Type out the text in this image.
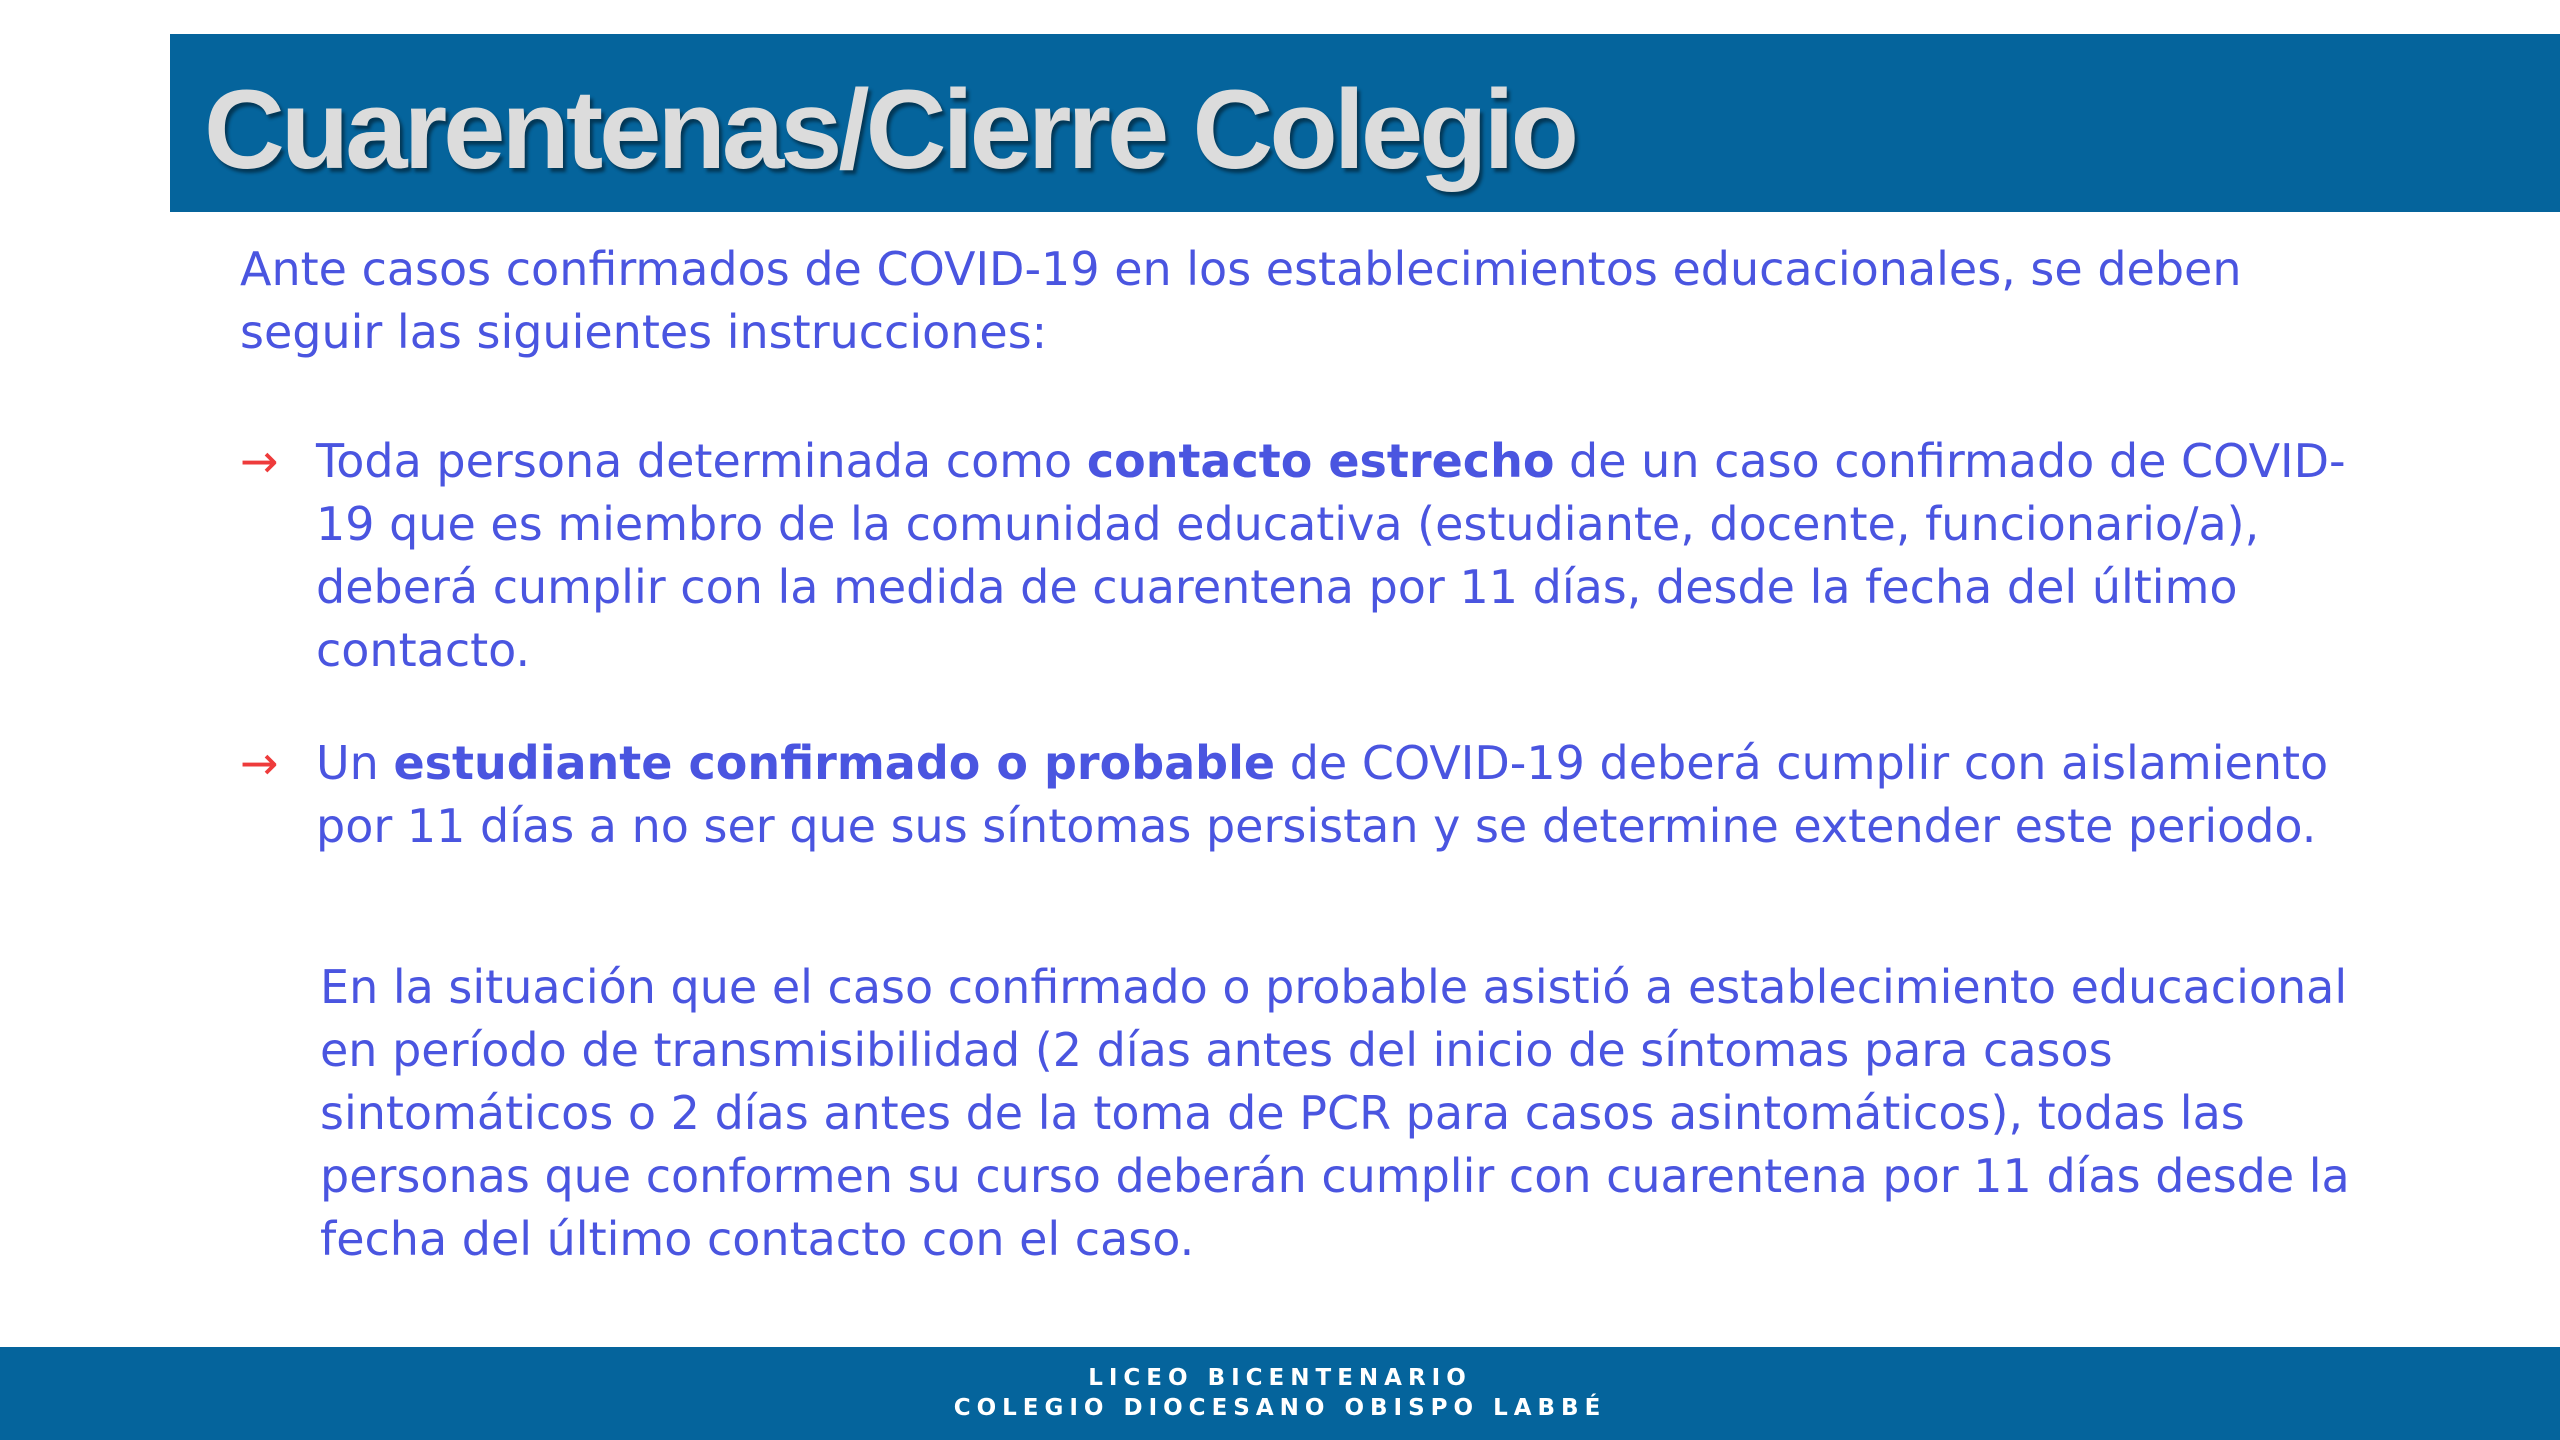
Cuarentenas/Cierre Colegio

Ante casos confirmados de COVID-19 en los establecimientos educacionales, se deben seguir las siguientes instrucciones:

→ Toda persona determinada como contacto estrecho de un caso confirmado de COVID-19 que es miembro de la comunidad educativa (estudiante, docente, funcionario/a), deberá cumplir con la medida de cuarentena por 11 días, desde la fecha del último contacto.

→ Un estudiante confirmado o probable de COVID-19 deberá cumplir con aislamiento por 11 días a no ser que sus síntomas persistan y se determine extender este periodo.

En la situación que el caso confirmado o probable asistió a establecimiento educacional en período de transmisibilidad (2 días antes del inicio de síntomas para casos sintomáticos o 2 días antes de la toma de PCR para casos asintomáticos), todas las personas que conformen su curso deberán cumplir con cuarentena por 11 días desde la fecha del último contacto con el caso.

LICEO BICENTENARIO
COLEGIO DIOCESANO OBISPO LABBÉ
